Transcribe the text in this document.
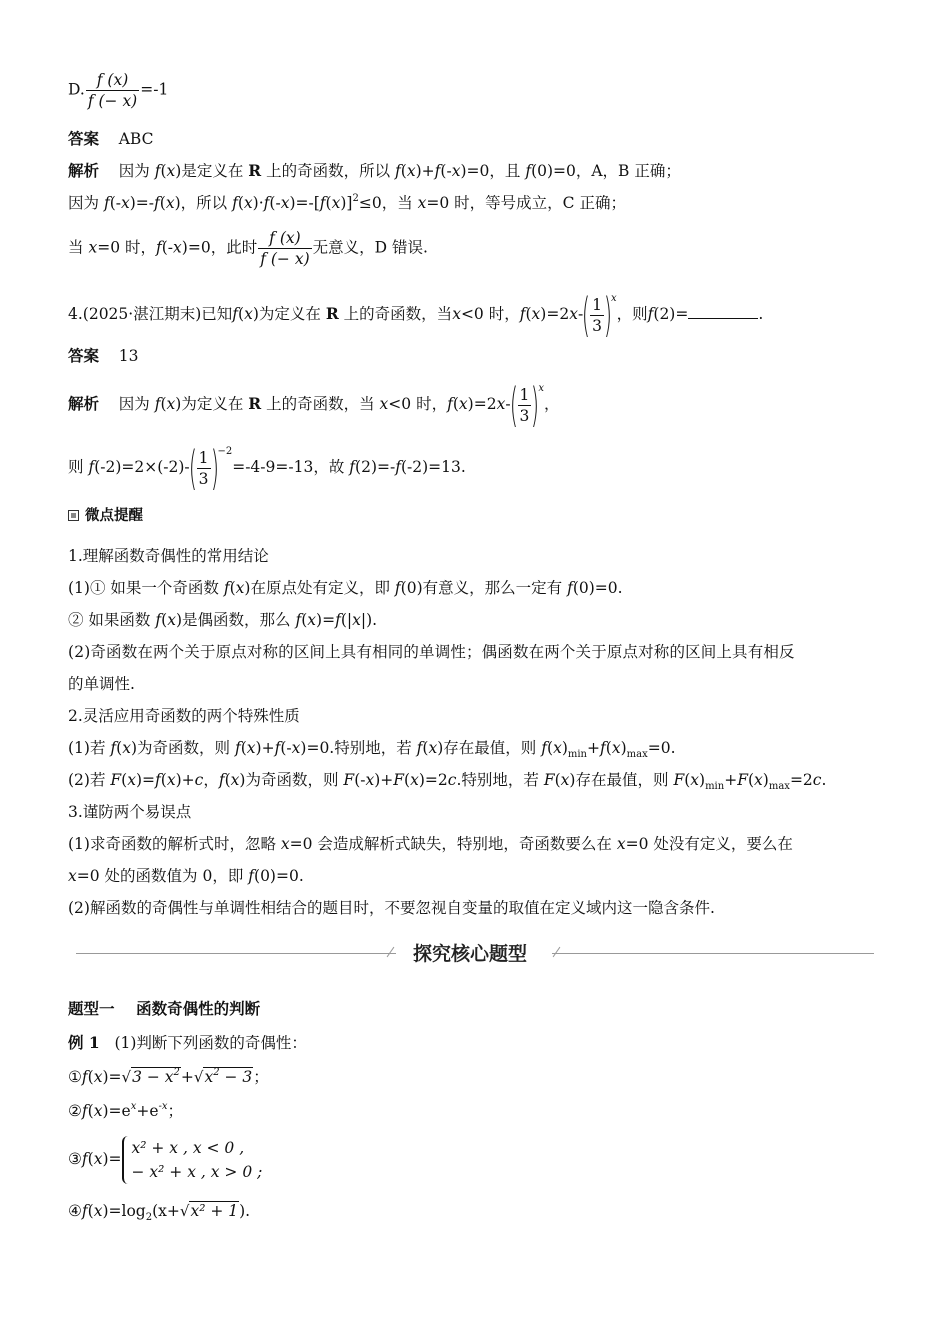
D. $\frac{f (x)}{f (- x)} =-1$
答案 ABC
解析 因为 f(x)是定义在 R 上的奇函数，所以 f(x)+f(-x)=0，且 f(0)=0，A，B 正确；
因为 f(-x)=-f(x)，所以 $f(x)\cdot f(-x)=-[f(x)]^2\le 0$，当 x=0 时，等号成立，C 正确；
当 x=0 时，f(-x)=0，此时 $\frac{f (x)}{f (- x)}$ 无意义，D 错误.
4.(2025·湛江期末)已知f(x)为定义在 R 上的奇函数，当x<0 时，$f(x)=2x-( \frac{1}{3} )^x$，则f(2)=	.
答案 13
解析 因为 f(x)为定义在 R 上的奇函数，当 x<0 时，$f(x)=2x-( \frac{1}{3} )^x$，
则 $f(-2)=2\times(-2)-( \frac{1}{3} )^{-2}=-4-9=-13$，故 f(2)=-f(-2)=13.
微点提醒
1.理解函数奇偶性的常用结论
(1)① 如果一个奇函数 f(x)在原点处有定义，即 f(0)有意义，那么一定有 f(0)=0.
② 如果函数 f(x)是偶函数，那么 f(x)=f(|x|).
(2)奇函数在两个关于原点对称的区间上具有相同的单调性；偶函数在两个关于原点对称的区间上具有相反
的单调性.
2.灵活应用奇函数的两个特殊性质
(1)若 f(x)为奇函数，则 f(x)+f(-x)=0.特别地，若 f(x)存在最值，则 $f(x)_{min}+f(x)_{max}=0$.
(2)若 F(x)=f(x)+c，f(x)为奇函数，则 F(-x)+F(x)=2c.特别地，若 F(x)存在最值，则 $F(x)_{min}+F(x)_{max}=2c$.
3.谨防两个易误点
(1)求奇函数的解析式时，忽略 x=0 会造成解析式缺失，特别地，奇函数要么在 x=0 处没有定义，要么在
x=0 处的函数值为 0，即 f(0)=0.
(2)解函数的奇偶性与单调性相结合的题目时，不要忽视自变量的取值在定义域内这一隐含条件.
探究核心题型
题型一    函数奇偶性的判断
例 1 (1)判断下列函数的奇偶性：
①f(x)=√3 − $x^2+√x^2 - 3$；
$②f(x)=e^x+e^{-x}$；
③f(x)=
x² + x , x < 0 ,
− x² + x , x > 0 ;
$④f(x)=\log_2(x+√x^2 + 1)$.
